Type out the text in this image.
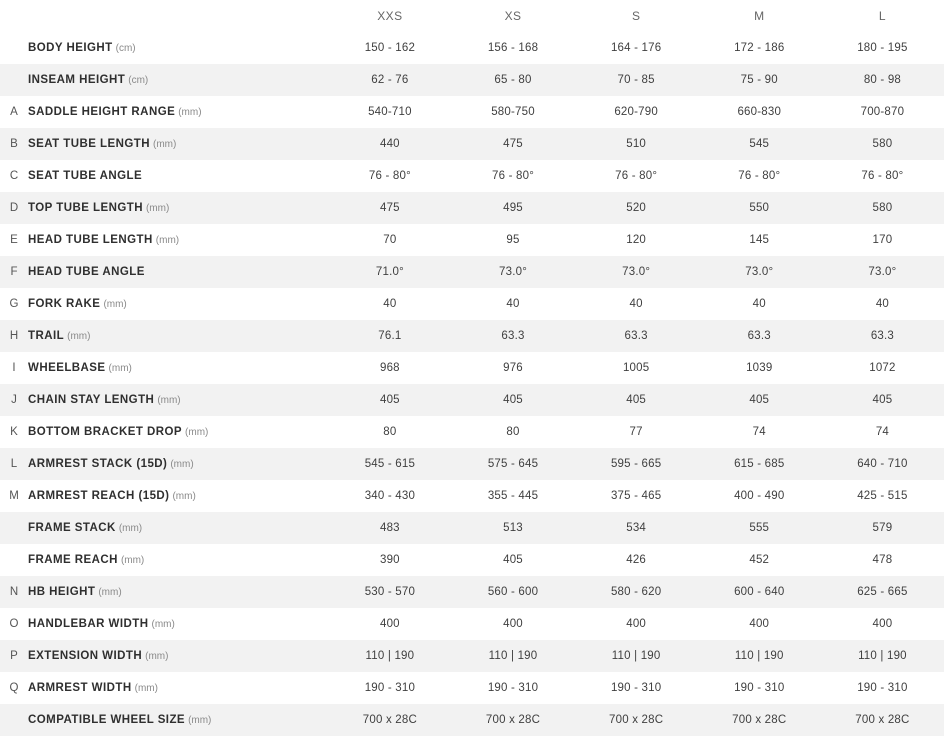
		XXS	XS	S	M	L
	BODY HEIGHT (cm)	150 - 162	156 - 168	164 - 176	172 - 186	180 - 195
	INSEAM HEIGHT (cm)	62 - 76	65 - 80	70 - 85	75 - 90	80 - 98
A	SADDLE HEIGHT RANGE (mm)	540-710	580-750	620-790	660-830	700-870
B	SEAT TUBE LENGTH (mm)	440	475	510	545	580
C	SEAT TUBE ANGLE	76 - 80°	76 - 80°	76 - 80°	76 - 80°	76 - 80°
D	TOP TUBE LENGTH (mm)	475	495	520	550	580
E	HEAD TUBE LENGTH (mm)	70	95	120	145	170
F	HEAD TUBE ANGLE	71.0°	73.0°	73.0°	73.0°	73.0°
G	FORK RAKE (mm)	40	40	40	40	40
H	TRAIL (mm)	76.1	63.3	63.3	63.3	63.3
I	WHEELBASE (mm)	968	976	1005	1039	1072
J	CHAIN STAY LENGTH (mm)	405	405	405	405	405
K	BOTTOM BRACKET DROP (mm)	80	80	77	74	74
L	ARMREST STACK (15D) (mm)	545 - 615	575 - 645	595 - 665	615 - 685	640 - 710
M	ARMREST REACH (15D) (mm)	340 - 430	355 - 445	375 - 465	400 - 490	425 - 515
	FRAME STACK (mm)	483	513	534	555	579
	FRAME REACH (mm)	390	405	426	452	478
N	HB HEIGHT (mm)	530 - 570	560 - 600	580 - 620	600 - 640	625 - 665
O	HANDLEBAR WIDTH (mm)	400	400	400	400	400
P	EXTENSION WIDTH (mm)	110 | 190	110 | 190	110 | 190	110 | 190	110 | 190
Q	ARMREST WIDTH (mm)	190 - 310	190 - 310	190 - 310	190 - 310	190 - 310
	COMPATIBLE WHEEL SIZE (mm)	700 x 28C	700 x 28C	700 x 28C	700 x 28C	700 x 28C
